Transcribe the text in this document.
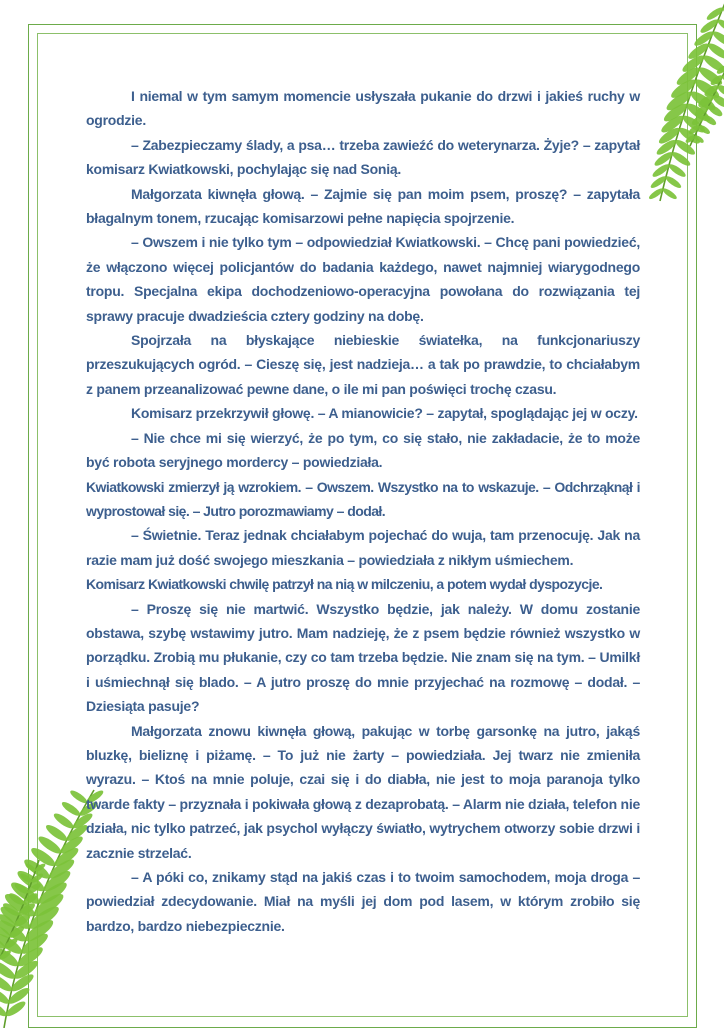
I niemal w tym samym momencie usłyszała pukanie do drzwi i jakieś ruchy w ogrodzie.

– Zabezpieczamy ślady, a psa… trzeba zawieźć do weterynarza. Żyje? – zapytał komisarz Kwiatkowski, pochylając się nad Sonią.

Małgorzata kiwnęła głową. – Zajmie się pan moim psem, proszę? – zapytała błagalnym tonem, rzucając komisarzowi pełne napięcia spojrzenie.

– Owszem i nie tylko tym – odpowiedział Kwiatkowski. – Chcę pani powiedzieć, że włączono więcej policjantów do badania każdego, nawet najmniej wiarygodnego tropu. Specjalna ekipa dochodzeniowo-operacyjna powołana do rozwiązania tej sprawy pracuje dwadzieścia cztery godziny na dobę.

Spojrzała na błyskające niebieskie światełka, na funkcjonariuszy przeszukujących ogród. – Cieszę się, jest nadzieja… a tak po prawdzie, to chciałabym z panem przeanalizować pewne dane, o ile mi pan poświęci trochę czasu.

Komisarz przekrzywił głowę. – A mianowicie? – zapytał, spoglądając jej w oczy.

– Nie chce mi się wierzyć, że po tym, co się stało, nie zakładacie, że to może być robota seryjnego mordercy – powiedziała.

Kwiatkowski zmierzył ją wzrokiem. – Owszem. Wszystko na to wskazuje. – Odchrząknął i wyprostował się. – Jutro porozmawiamy – dodał.

– Świetnie. Teraz jednak chciałabym pojechać do wuja, tam przenocuję. Jak na razie mam już dość swojego mieszkania – powiedziała z nikłym uśmiechem.

Komisarz Kwiatkowski chwilę patrzył na nią w milczeniu, a potem wydał dyspozycje.

– Proszę się nie martwić. Wszystko będzie, jak należy. W domu zostanie obstawa, szybę wstawimy jutro. Mam nadzieję, że z psem będzie również wszystko w porządku. Zrobią mu płukanie, czy co tam trzeba będzie. Nie znam się na tym. – Umilkł i uśmiechnął się blado. – A jutro proszę do mnie przyjechać na rozmowę – dodał. – Dziesiąta pasuje?

Małgorzata znowu kiwnęła głową, pakując w torbę garsonkę na jutro, jakąś bluzkę, bieliznę i piżamę. – To już nie żarty – powiedziała. Jej twarz nie zmieniła wyrazu. – Ktoś na mnie poluje, czai się i do diabła, nie jest to moja paranoja tylko twarde fakty – przyznała i pokiwała głową z dezaprobatą. – Alarm nie działa, telefon nie działa, nic tylko patrzeć, jak psychol wyłączy światło, wytrychem otworzy sobie drzwi i zacznie strzelać.

– A póki co, znikamy stąd na jakiś czas i to twoim samochodem, moja droga – powiedział zdecydowanie. Miał na myśli jej dom pod lasem, w którym zrobiło się bardzo, bardzo niebezpiecznie.
